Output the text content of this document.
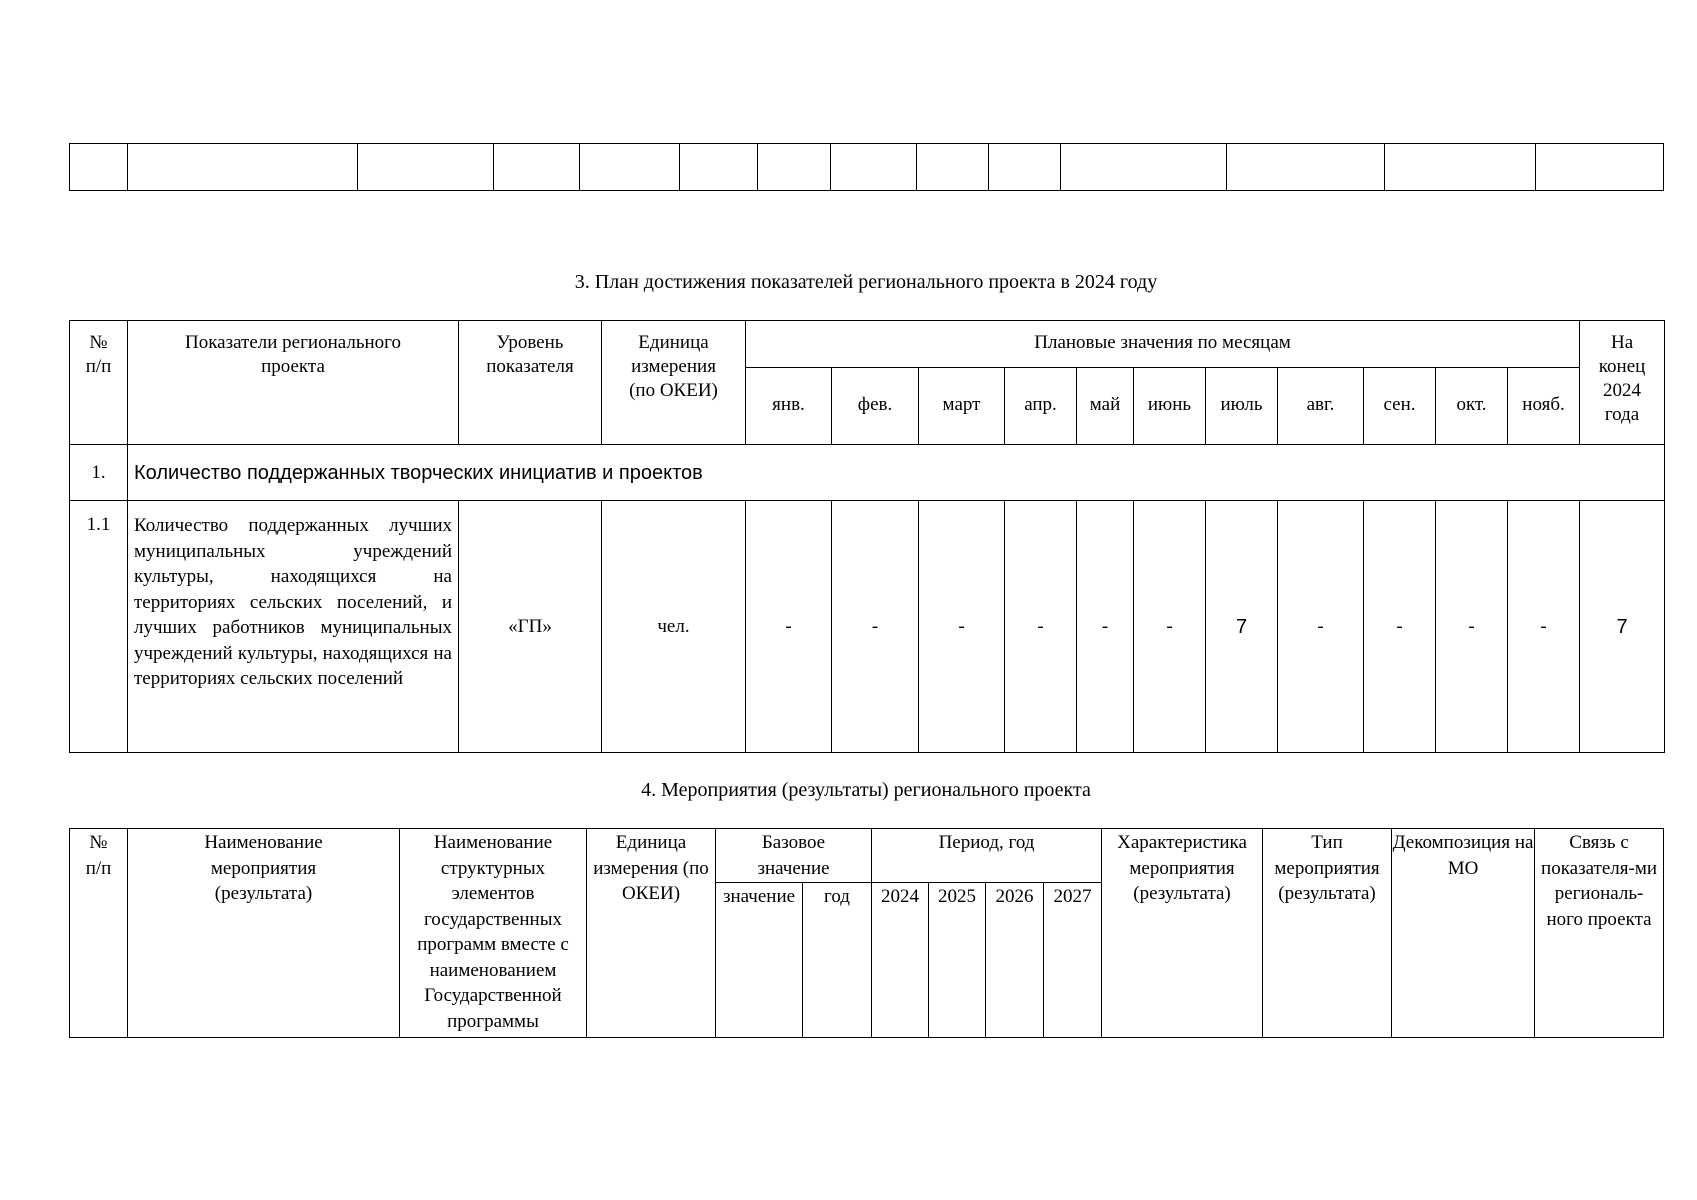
3. План достижения показателей регионального проекта в 2024 году
№
п/п	Показатели регионального проекта	Уровень показателя	Единица измерения (по ОКЕИ)	Плановые значения по месяцам											На конец 2024 года
				янв.	фев.	март	апр.	май	июнь	июль	авг.	сен.	окт.	нояб.	
1.	Количество поддержанных творческих инициатив и проектов														
1.1	Количество поддержанных лучших муниципальных учреждений культуры, находящихся на территориях сельских поселений, и лучших работников муниципальных учреждений культуры, находящихся на территориях сельских поселений	«ГП»	чел.	-	-	-	-	-	-	7	-	-	-	-	7
4. Мероприятия (результаты) регионального проекта
№
п/п	Наименование мероприятия (результата)	Наименование структурных элементов государственных программ вместе с наименованием Государственной программы	Единица измерения (по ОКЕИ)	Базовое значение		Период, год				Характеристика мероприятия (результата)	Тип мероприятия (результата)	Декомпозиция на МО	Связь с показателя-ми региональ-ного проекта
				значение	год	2024	2025	2026	2027				
